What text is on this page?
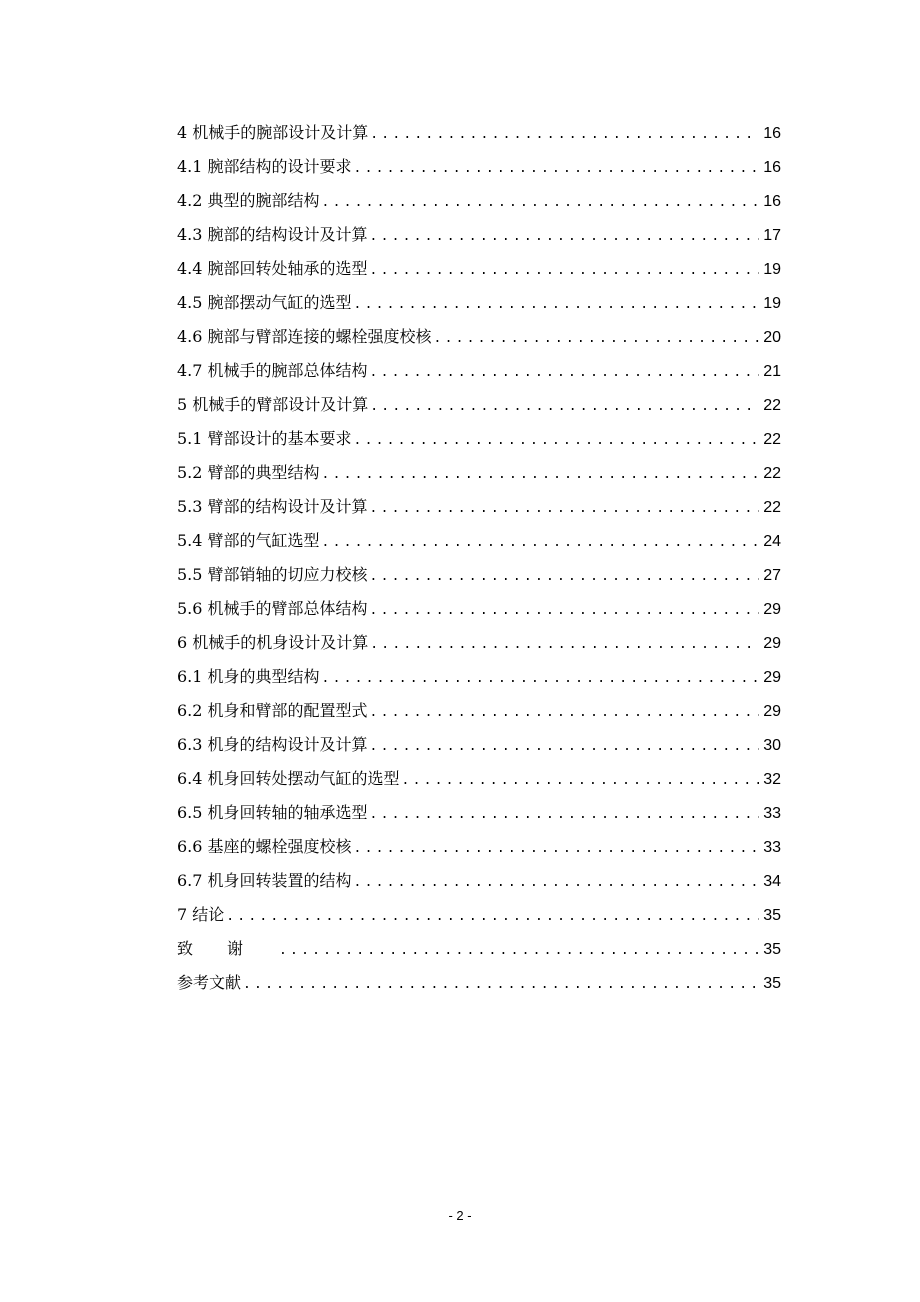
4 机械手的腕部设计及计算 .....	16
4.1 腕部结构的设计要求 .....	16
4.2 典型的腕部结构 .....	16
4.3 腕部的结构设计及计算 .....	17
4.4 腕部回转处轴承的选型 .....	19
4.5 腕部摆动气缸的选型 .....	19
4.6 腕部与臂部连接的螺栓强度校核 .....	20
4.7 机械手的腕部总体结构 .....	21
5 机械手的臂部设计及计算 .....	22
5.1 臂部设计的基本要求 .....	22
5.2 臂部的典型结构 .....	22
5.3 臂部的结构设计及计算 .....	22
5.4 臂部的气缸选型 .....	24
5.5 臂部销轴的切应力校核 .....	27
5.6 机械手的臂部总体结构 .....	29
6 机械手的机身设计及计算 .....	29
6.1 机身的典型结构 .....	29
6.2 机身和臂部的配置型式 .....	29
6.3 机身的结构设计及计算 .....	30
6.4 机身回转处摆动气缸的选型 .....	32
6.5 机身回转轴的轴承选型 .....	33
6.6 基座的螺栓强度校核 .....	33
6.7 机身回转装置的结构 .....	34
7 结论 .....	35
致谢 .....	35
参考文献 .....	35
- 2 -
